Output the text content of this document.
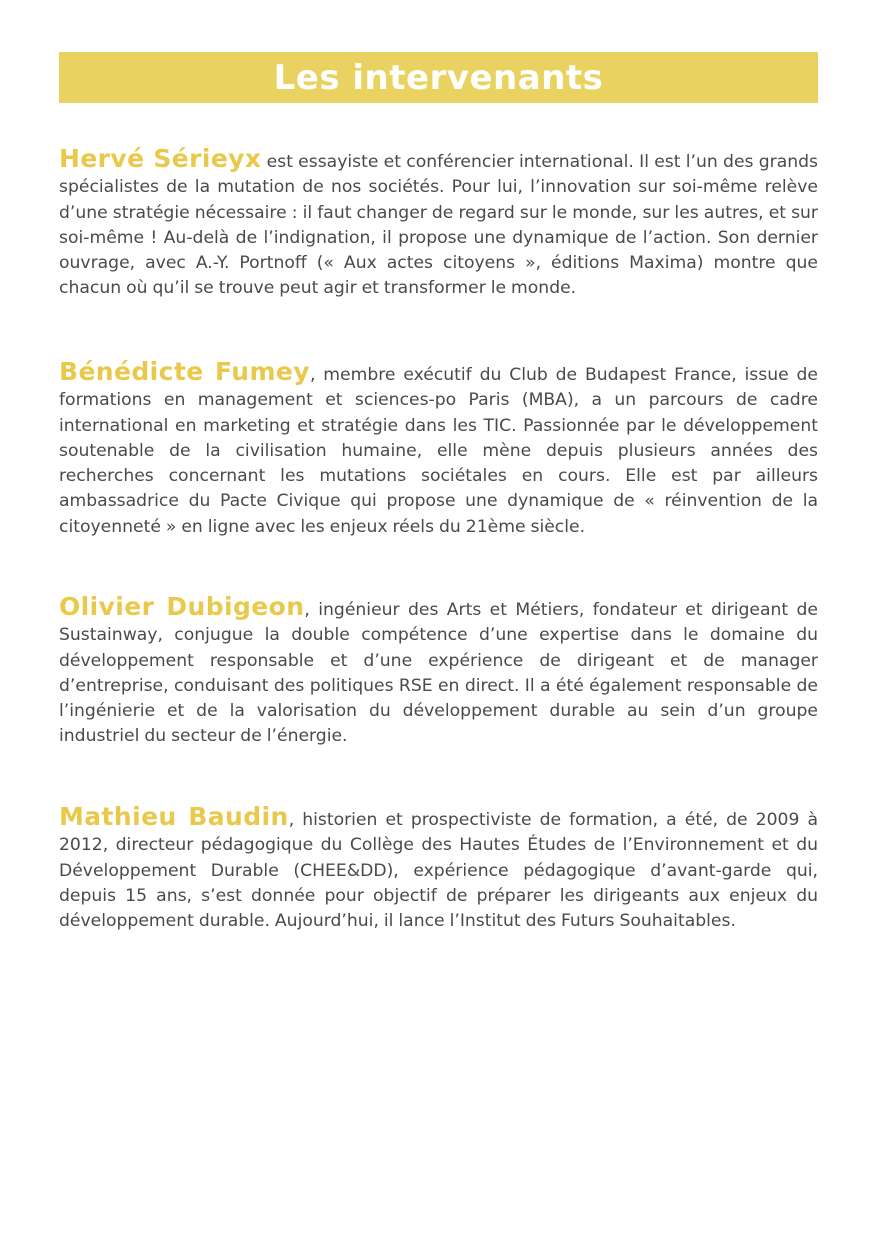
Les intervenants

Hervé Sérieyx est essayiste et conférencier international. Il est l’un des grands spécialistes de la mutation de nos sociétés. Pour lui, l’innovation sur soi-même relève d’une stratégie nécessaire : il faut changer de regard sur le monde, sur les autres, et sur soi-même ! Au-delà de l’indignation, il propose une dynamique de l’action. Son dernier ouvrage, avec A.-Y. Portnoff (« Aux actes citoyens », éditions Maxima) montre que chacun où qu’il se trouve peut agir et transformer le monde.

Bénédicte Fumey, membre exécutif du Club de Budapest France, issue de formations en management et sciences-po Paris (MBA), a un parcours de cadre international en marketing et stratégie dans les TIC. Passionnée par le développement soutenable de la civilisation humaine, elle mène depuis plusieurs années des recherches concernant les mutations sociétales en cours. Elle est par ailleurs ambassadrice du Pacte Civique qui propose une dynamique de « réinvention de la citoyenneté » en ligne avec les enjeux réels du 21ème siècle.

Olivier Dubigeon, ingénieur des Arts et Métiers, fondateur et dirigeant de Sustainway, conjugue la double compétence d’une expertise dans le domaine du développement responsable et d’une expérience de dirigeant et de manager d’entreprise, conduisant des politiques RSE en direct. Il a été également responsable de l’ingénierie et de la valorisation du développement durable au sein d’un groupe industriel du secteur de l’énergie.

Mathieu Baudin, historien et prospectiviste de formation, a été, de 2009 à 2012, directeur pédagogique du Collège des Hautes Études de l’Environnement et du Développement Durable (CHEE&DD), expérience pédagogique d’avant-garde qui, depuis 15 ans, s’est donnée pour objectif de préparer les dirigeants aux enjeux du développement durable. Aujourd’hui, il lance l’Institut des Futurs Souhaitables.
